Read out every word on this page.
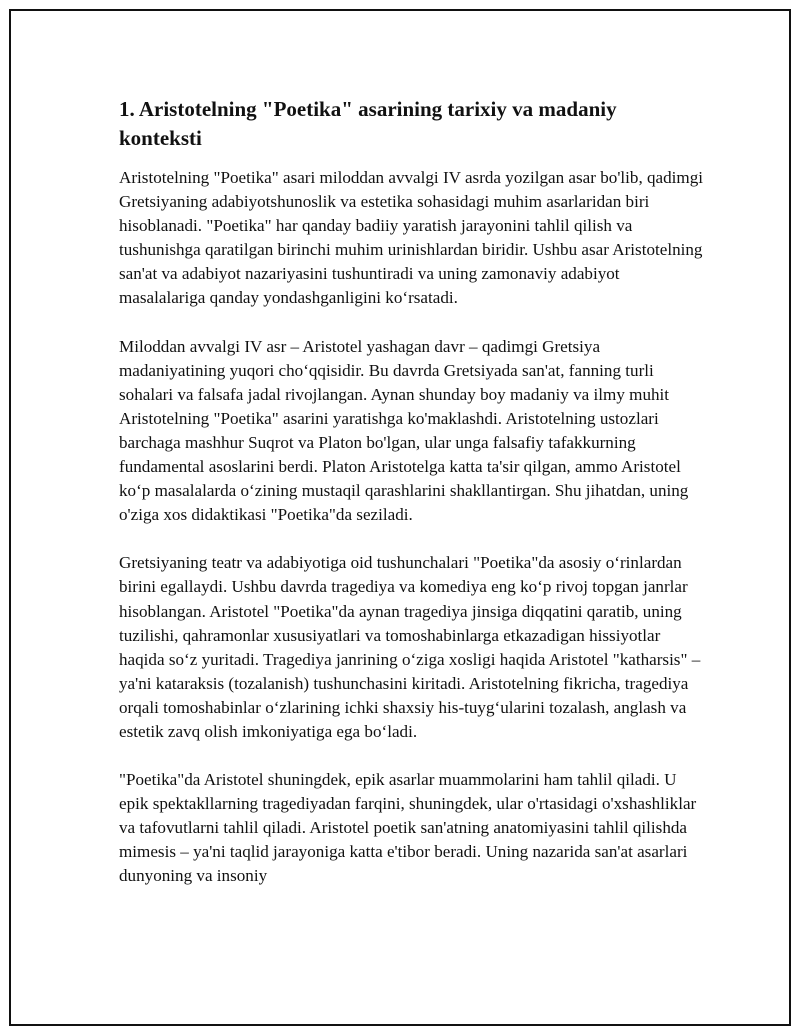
1. Aristotelning "Poetika" asarining tarixiy va madaniy konteksti

Aristotelning "Poetika" asari miloddan avvalgi IV asrda yozilgan asar bo'lib, qadimgi Gretsiyaning adabiyotshunoslik va estetika sohasidagi muhim asarlaridan biri hisoblanadi. "Poetika" har qanday badiiy yaratish jarayonini tahlil qilish va tushunishga qaratilgan birinchi muhim urinishlardan biridir. Ushbu asar Aristotelning san'at va adabiyot nazariyasini tushuntiradi va uning zamonaviy adabiyot masalalariga qanday yondashganligini ko‘rsatadi.

Miloddan avvalgi IV asr – Aristotel yashagan davr – qadimgi Gretsiya madaniyatining yuqori cho‘qqisidir. Bu davrda Gretsiyada san'at, fanning turli sohalari va falsafa jadal rivojlangan. Aynan shunday boy madaniy va ilmy muhit Aristotelning "Poetika" asarini yaratishga ko'maklashdi. Aristotelning ustozlari barchaga mashhur Suqrot va Platon bo'lgan, ular unga falsafiy tafakkurning fundamental asoslarini berdi. Platon Aristotelga katta ta'sir qilgan, ammo Aristotel ko‘p masalalarda o‘zining mustaqil qarashlarini shakllantirgan. Shu jihatdan, uning o'ziga xos didaktikasi "Poetika"da seziladi.

Gretsiyaning teatr va adabiyotiga oid tushunchalari "Poetika"da asosiy o‘rinlardan birini egallaydi. Ushbu davrda tragediya va komediya eng ko‘p rivoj topgan janrlar hisoblangan. Aristotel "Poetika"da aynan tragediya jinsiga diqqatini qaratib, uning tuzilishi, qahramonlar xususiyatlari va tomoshabinlarga etkazadigan hissiyotlar haqida so‘z yuritadi. Tragediya janrining o‘ziga xosligi haqida Aristotel "katharsis" – ya'ni kataraksis (tozalanish) tushunchasini kiritadi. Aristotelning fikricha, tragediya orqali tomoshabinlar o‘zlarining ichki shaxsiy his-tuyg‘ularini tozalash, anglash va estetik zavq olish imkoniyatiga ega bo‘ladi.

"Poetika"da Aristotel shuningdek, epik asarlar muammolarini ham tahlil qiladi. U epik spektakllarning tragediyadan farqini, shuningdek, ular o'rtasidagi o'xshashliklar va tafovutlarni tahlil qiladi. Aristotel poetik san'atning anatomiyasini tahlil qilishda mimesis – ya'ni taqlid jarayoniga katta e'tibor beradi. Uning nazarida san'at asarlari dunyoning va insoniy
